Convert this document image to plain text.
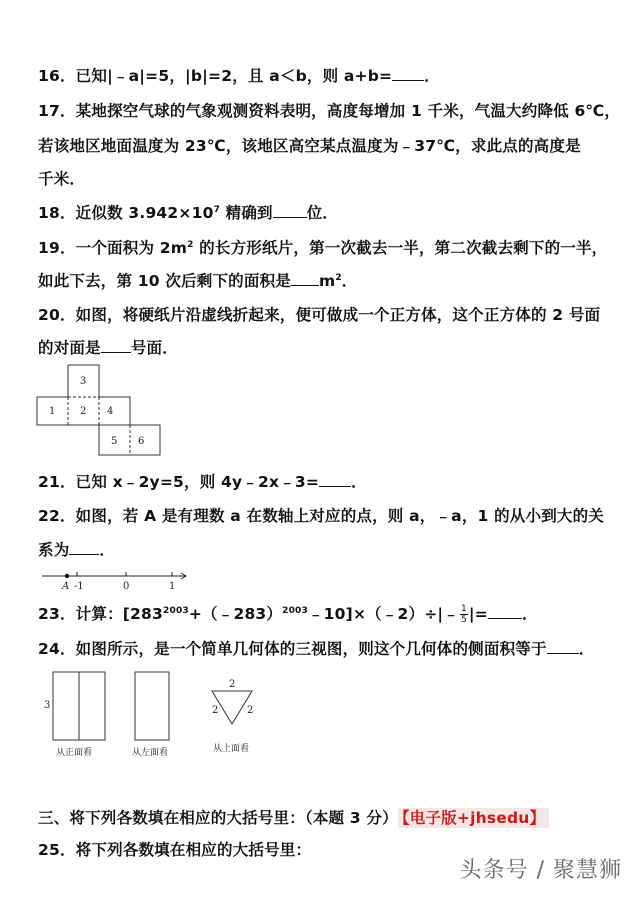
16．已知|﹣a|=5，|b|=2，且 a＜b，则 a+b= ．
17．某地探空气球的气象观测资料表明，高度每增加 1 千米，气温大约降低 6℃，
若该地区地面温度为 23℃，该地区高空某点温度为﹣37℃，求此点的高度是
千米．
18．近似数 $3.942\times 10^7$ 精确到 位．
19．一个面积为 $2m^2$ 的长方形纸片，第一次截去一半，第二次截去剩下的一半，
如此下去，第 10 次后剩下的面积是 $m^2$．
20．如图，将硬纸片沿虚线折起来，便可做成一个正方体，这个正方体的 2 号面
的对面是 号面．
3
1 2 4
5 6
21．已知 x﹣2y=5，则 4y﹣2x﹣3= ．
22．如图，若 A 是有理数 a 在数轴上对应的点，则 a，﹣a，1 的从小到大的关
系为 ．
A -1	0	1
23．计算：$[283^{2003}+(﹣283)^{2003}﹣10]\times(﹣2)\div|﹣ \frac{1}{5}$ |= ．
24．如图所示，是一个简单几何体的三视图，则这个几何体的侧面积等于 ．
3
2
2	2
从正面看	从左面看	从上面看
三、将下列各数填在相应的大括号里：（本题 3 分） 【电子版+jhsedu】
25．将下列各数填在相应的大括号里：
头条号 / 聚慧狮
